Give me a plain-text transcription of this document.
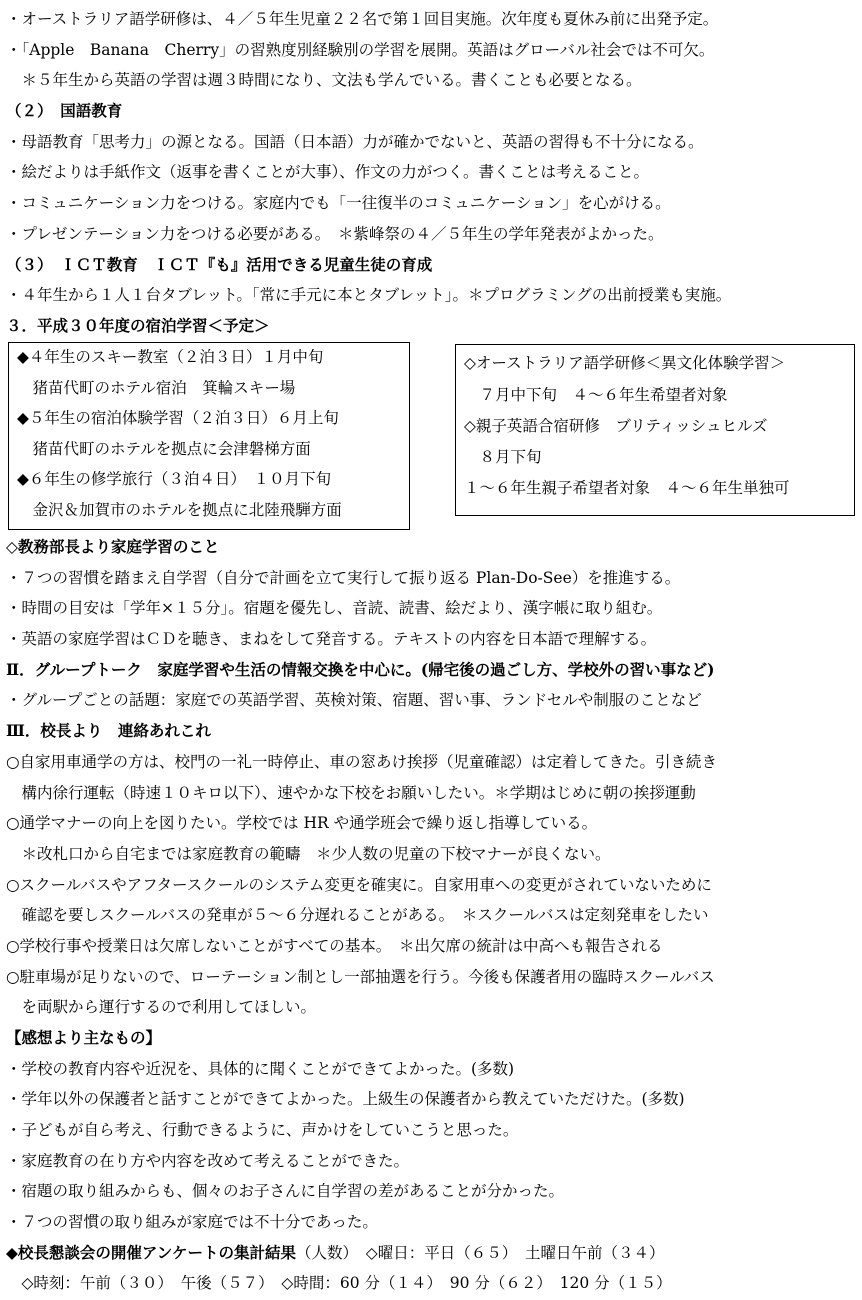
・オーストラリア語学研修は、４／５年生児童２２名で第１回目実施。次年度も夏休み前に出発予定。
・「Apple　Banana　Cherry」の習熟度別経験別の学習を展開。英語はグローバル社会では不可欠。
　＊５年生から英語の学習は週３時間になり、文法も学んでいる。書くことも必要となる。
（２）　国語教育
・母語教育「思考力」の源となる。国語（日本語）力が確かでないと、英語の習得も不十分になる。
・絵だよりは手紙作文（返事を書くことが大事）、作文の力がつく。書くことは考えること。
・コミュニケーション力をつける。家庭内でも「一往復半のコミュニケーション」を心がける。
・プレゼンテーション力をつける必要がある。　＊紫峰祭の４／５年生の学年発表がよかった。
（３）　ＩＣＴ教育　ＩＣＴ『も』活用できる児童生徒の育成
・４年生から１人１台タブレット。｢常に手元に本とタブレット｣。＊プログラミングの出前授業も実施。
３．平成３０年度の宿泊学習＜予定＞
◆４年生のスキー教室（２泊３日）１月中旬
　猪苗代町のホテル宿泊　箕輪スキー場
◆５年生の宿泊体験学習（２泊３日）６月上旬
　猪苗代町のホテルを拠点に会津磐梯方面
◆６年生の修学旅行（３泊４日）　１０月下旬
　金沢＆加賀市のホテルを拠点に北陸飛騨方面
◇オーストラリア語学研修＜異文化体験学習＞
　７月中下旬　４～６年生希望者対象
◇親子英語合宿研修　ブリティッシュヒルズ
　８月下旬
１～６年生親子希望者対象　４～６年生単独可
◇教務部長より家庭学習のこと
・７つの習慣を踏まえ自学習（自分で計画を立て実行して振り返る Plan-Do-See）を推進する。
・時間の目安は「学年×１５分」。宿題を優先し、音読、読書、絵だより、漢字帳に取り組む。
・英語の家庭学習はＣＤを聴き、まねをして発音する。テキストの内容を日本語で理解する。
Ⅱ．グループトーク　家庭学習や生活の情報交換を中心に。(帰宅後の過ごし方、学校外の習い事など)
・グループごとの話題：家庭での英語学習、英検対策、宿題、習い事、ランドセルや制服のことなど
Ⅲ．校長より　連絡あれこれ
○自家用車通学の方は、校門の一礼一時停止、車の窓あけ挨拶（児童確認）は定着してきた。引き続き
　構内徐行運転（時速１０キロ以下）、速やかな下校をお願いしたい。＊学期はじめに朝の挨拶運動
○通学マナーの向上を図りたい。学校では HR や通学班会で繰り返し指導している。
　＊改札口から自宅までは家庭教育の範疇　＊少人数の児童の下校マナーが良くない。
○スクールバスやアフタースクールのシステム変更を確実に。自家用車への変更がされていないために
　確認を要しスクールバスの発車が５～６分遅れることがある。　＊スクールバスは定刻発車をしたい
○学校行事や授業日は欠席しないことがすべての基本。　＊出欠席の統計は中高へも報告される
○駐車場が足りないので、ローテーション制とし一部抽選を行う。今後も保護者用の臨時スクールバス
　を両駅から運行するので利用してほしい。
【感想より主なもの】
・学校の教育内容や近況を、具体的に聞くことができてよかった。(多数)
・学年以外の保護者と話すことができてよかった。上級生の保護者から教えていただけた。(多数)
・子どもが自ら考え、行動できるように、声かけをしていこうと思った。
・家庭教育の在り方や内容を改めて考えることができた。
・宿題の取り組みからも、個々のお子さんに自学習の差があることが分かった。
・７つの習慣の取り組みが家庭では不十分であった。
◆校長懇談会の開催アンケートの集計結果（人数）　 ◇曜日：平日（６５）　土曜日午前（３４）
　◇時刻：午前（３０）　午後（５７）　◇時間：60 分（１４）　90 分（６２）　120 分（１５）
